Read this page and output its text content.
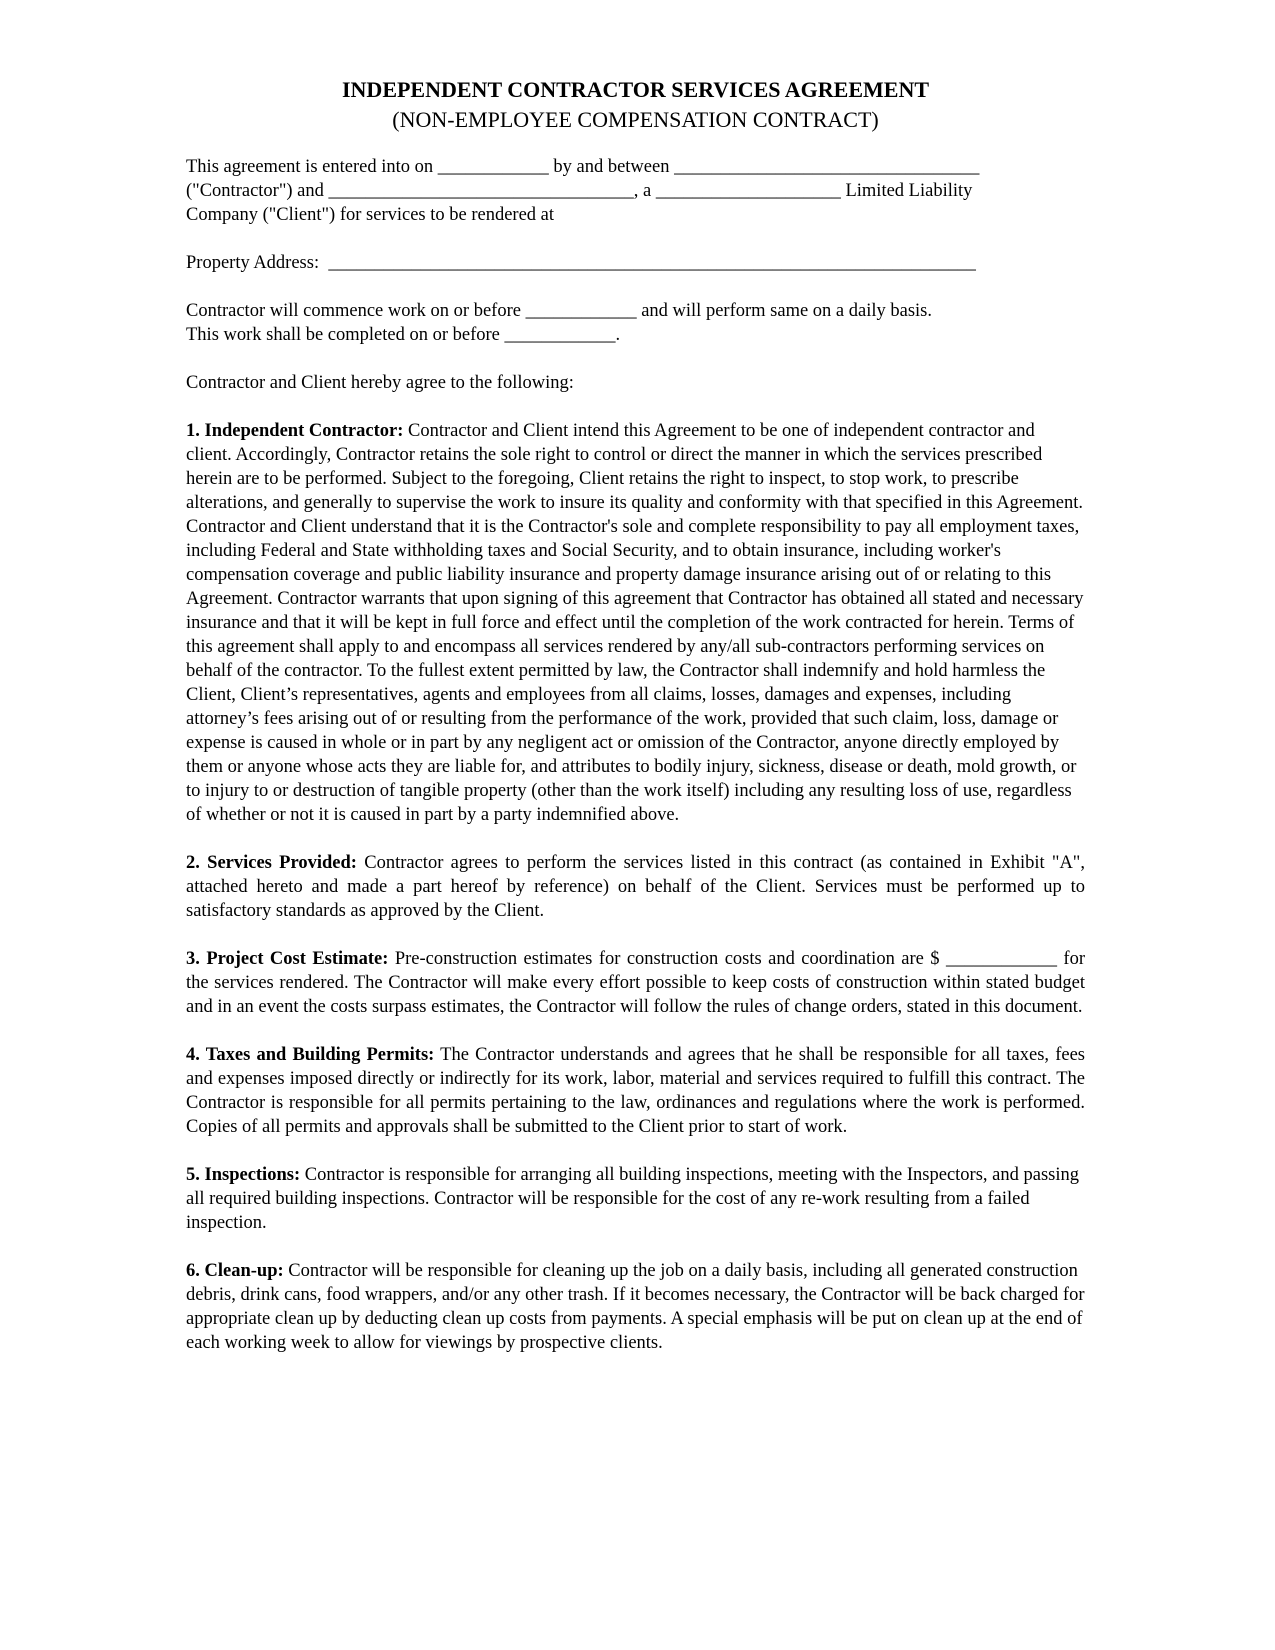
INDEPENDENT CONTRACTOR SERVICES AGREEMENT
(NON-EMPLOYEE COMPENSATION CONTRACT)

This agreement is entered into on ____________ by and between _________________________________
("Contractor") and _________________________________, a ____________________ Limited Liability
Company ("Client") for services to be rendered at

Property Address: ______________________________________________________________________

Contractor will commence work on or before ____________ and will perform same on a daily basis.
This work shall be completed on or before ____________.

Contractor and Client hereby agree to the following:

1. Independent Contractor: Contractor and Client intend this Agreement to be one of independent contractor and client. Accordingly, Contractor retains the sole right to control or direct the manner in which the services prescribed herein are to be performed. Subject to the foregoing, Client retains the right to inspect, to stop work, to prescribe alterations, and generally to supervise the work to insure its quality and conformity with that specified in this Agreement. Contractor and Client understand that it is the Contractor's sole and complete responsibility to pay all employment taxes, including Federal and State withholding taxes and Social Security, and to obtain insurance, including worker's compensation coverage and public liability insurance and property damage insurance arising out of or relating to this Agreement. Contractor warrants that upon signing of this agreement that Contractor has obtained all stated and necessary insurance and that it will be kept in full force and effect until the completion of the work contracted for herein. Terms of this agreement shall apply to and encompass all services rendered by any/all sub-contractors performing services on behalf of the contractor. To the fullest extent permitted by law, the Contractor shall indemnify and hold harmless the Client, Client’s representatives, agents and employees from all claims, losses, damages and expenses, including attorney’s fees arising out of or resulting from the performance of the work, provided that such claim, loss, damage or expense is caused in whole or in part by any negligent act or omission of the Contractor, anyone directly employed by them or anyone whose acts they are liable for, and attributes to bodily injury, sickness, disease or death, mold growth, or to injury to or destruction of tangible property (other than the work itself) including any resulting loss of use, regardless of whether or not it is caused in part by a party indemnified above.

2. Services Provided: Contractor agrees to perform the services listed in this contract (as contained in Exhibit "A", attached hereto and made a part hereof by reference) on behalf of the Client. Services must be performed up to satisfactory standards as approved by the Client.

3. Project Cost Estimate: Pre-construction estimates for construction costs and coordination are $ ____________ for the services rendered. The Contractor will make every effort possible to keep costs of construction within stated budget and in an event the costs surpass estimates, the Contractor will follow the rules of change orders, stated in this document.

4. Taxes and Building Permits: The Contractor understands and agrees that he shall be responsible for all taxes, fees and expenses imposed directly or indirectly for its work, labor, material and services required to fulfill this contract. The Contractor is responsible for all permits pertaining to the law, ordinances and regulations where the work is performed. Copies of all permits and approvals shall be submitted to the Client prior to start of work.

5. Inspections: Contractor is responsible for arranging all building inspections, meeting with the Inspectors, and passing all required building inspections. Contractor will be responsible for the cost of any re-work resulting from a failed inspection.

6. Clean-up: Contractor will be responsible for cleaning up the job on a daily basis, including all generated construction debris, drink cans, food wrappers, and/or any other trash. If it becomes necessary, the Contractor will be back charged for appropriate clean up by deducting clean up costs from payments. A special emphasis will be put on clean up at the end of each working week to allow for viewings by prospective clients.
